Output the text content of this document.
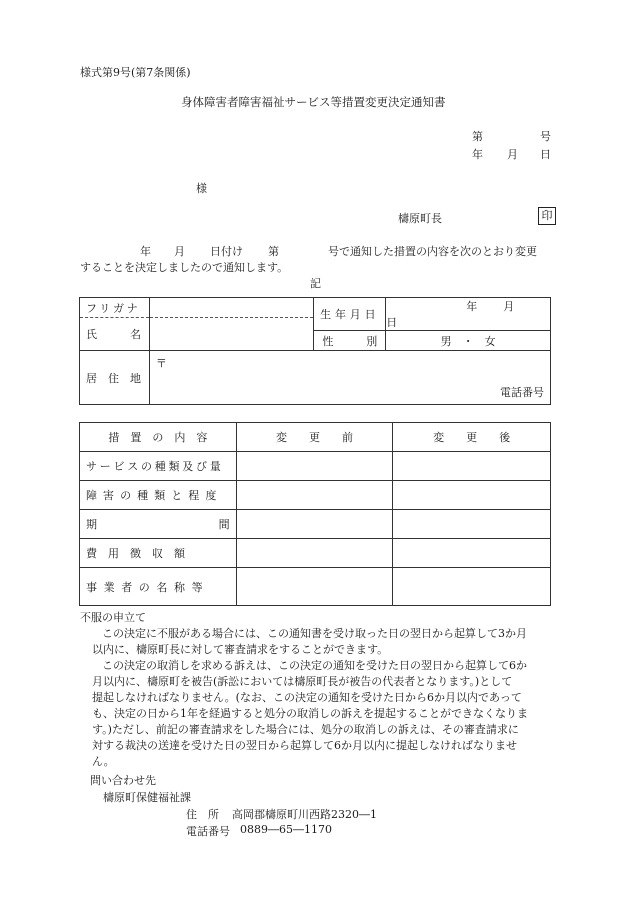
様式第9号(第7条関係)
身体障害者障害福祉サービス等措置変更決定通知書
第	号
年 月 日
様
檮原町長	印
年 月 日付け 第	号で通知した措置の内容を次のとおり変更
することを決定しましたので通知します。
記
フリガナ		生年月日	年 月日
氏　　　名			
		性　　　別	男　・　女
居　住　地	〒
電話番号		
措　置　の　内　容	変　　更　　前	変　　更　　後
サービスの種類及び量		
障害の種類と程度		

期 間		

費　用　徴　収　額		
事業者の名称等		
不服の申立て
この決定に不服がある場合には、この通知書を受け取った日の翌日から起算して3か月
以内に、檮原町長に対して審査請求をすることができます。
この決定の取消しを求める訴えは、この決定の通知を受けた日の翌日から起算して6か
月以内に、檮原町を被告(訴訟においては檮原町長が被告の代表者となります。)として
提起しなければなりません。(なお、この決定の通知を受けた日から6か月以内であって
も、決定の日から1年を経過すると処分の取消しの訴えを提起することができなくなりま
す。)ただし、前記の審査請求をした場合には、処分の取消しの訴えは、その審査請求に
対する裁決の送達を受けた日の翌日から起算して6か月以内に提起しなければなりませ
ん。
問い合わせ先
檮原町保健福祉課
住　所 高岡郡檮原町川西路2320―1
電話番号 0889―65―1170
